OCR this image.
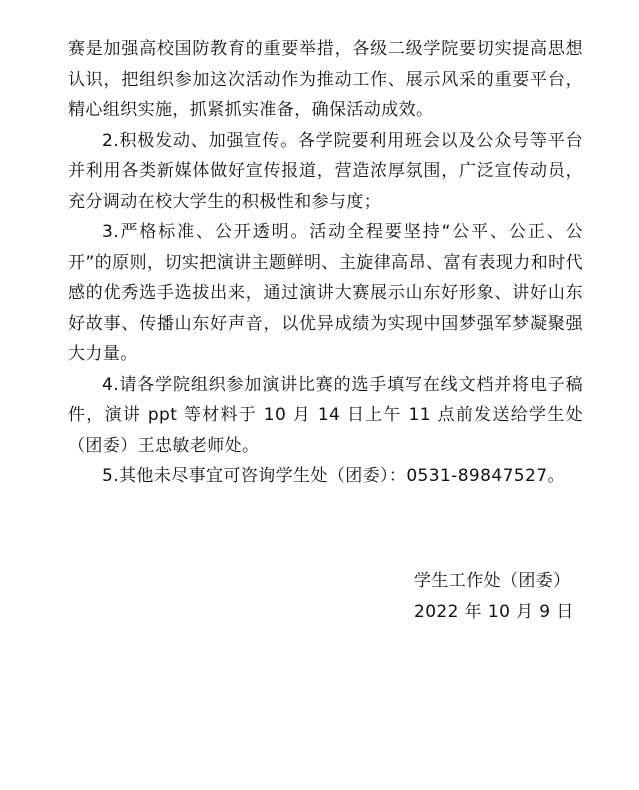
赛是加强高校国防教育的重要举措，各级二级学院要切实提高思想认识，把组织参加这次活动作为推动工作、展示风采的重要平台，精心组织实施，抓紧抓实准备，确保活动成效。

2.积极发动、加强宣传。各学院要利用班会以及公众号等平台并利用各类新媒体做好宣传报道，营造浓厚氛围，广泛宣传动员，充分调动在校大学生的积极性和参与度；

3.严格标准、公开透明。活动全程要坚持“公平、公正、公开”的原则，切实把演讲主题鲜明、主旋律高昂、富有表现力和时代感的优秀选手选拔出来，通过演讲大赛展示山东好形象、讲好山东好故事、传播山东好声音，以优异成绩为实现中国梦强军梦凝聚强大力量。

4.请各学院组织参加演讲比赛的选手填写在线文档并将电子稿件，演讲 ppt 等材料于 10 月 14 日上午 11 点前发送给学生处（团委）王忠敏老师处。

5.其他未尽事宜可咨询学生处（团委）：0531-89847527。

学生工作处（团委）
2022 年 10 月 9 日
